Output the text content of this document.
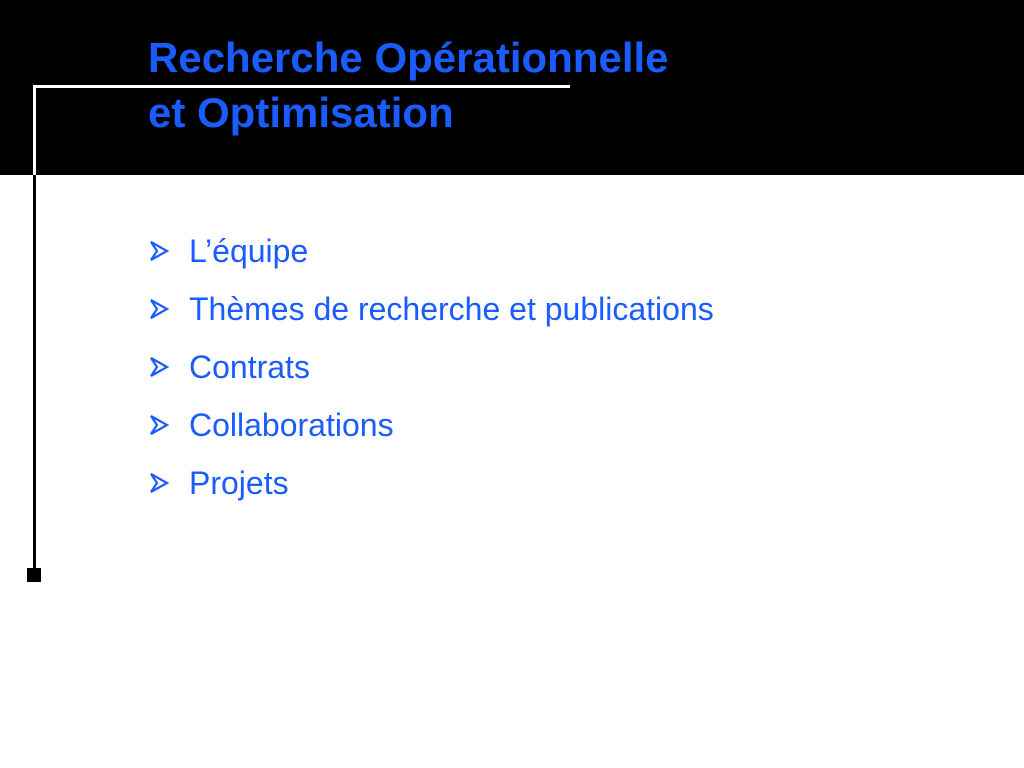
Recherche Opérationnelle
et Optimisation
L’équipe
Thèmes de recherche et publications
Contrats
Collaborations
Projets
